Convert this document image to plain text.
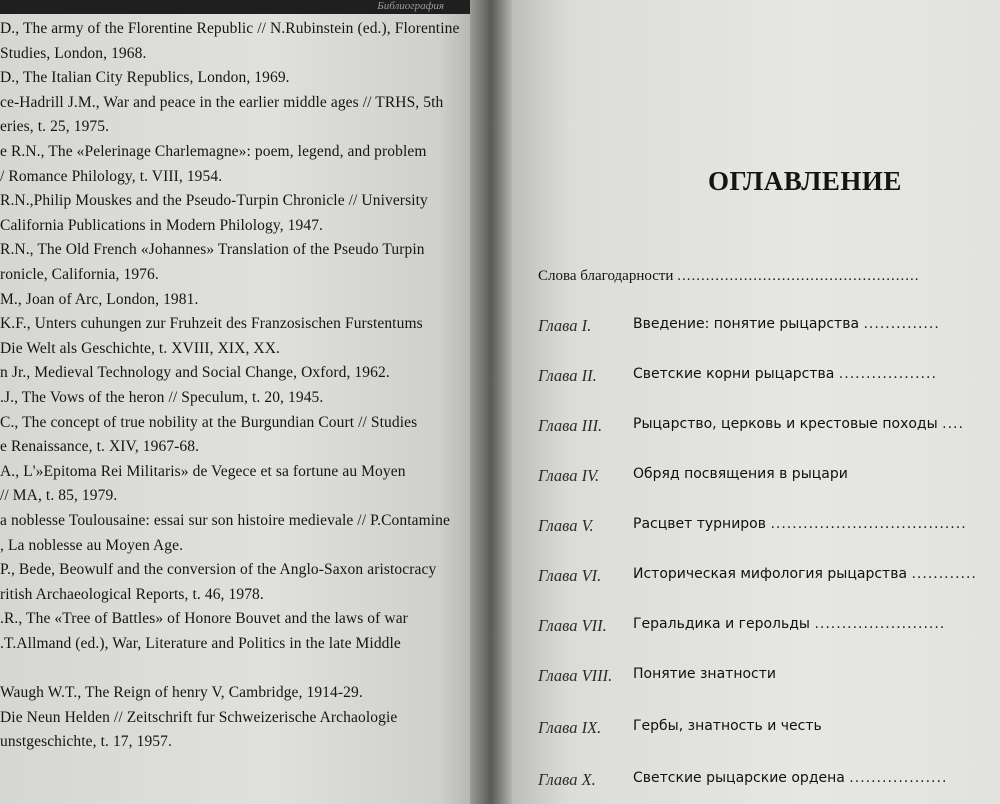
Библиография
D., The army of the Florentine Republic // N.Rubinstein (ed.), Florentine
Studies, London, 1968.
D., The Italian City Republics, London, 1969.
ce-Hadrill J.M., War and peace in the earlier middle ages // TRHS, 5th
eries, t. 25, 1975.
e R.N., The «Pelerinage Charlemagne»: poem, legend, and problem
/ Romance Philology, t. VIII, 1954.
R.N.,Philip Mouskes and the Pseudo-Turpin Chronicle // University
California Publications in Modern Philology, 1947.
R.N., The Old French «Johannes» Translation of the Pseudo Turpin
ronicle, California, 1976.
M., Joan of Arc, London, 1981.
K.F., Unters cuhungen zur Fruhzeit des Franzosischen Furstentums
Die Welt als Geschichte, t. XVIII, XIX, XX.
n Jr., Medieval Technology and Social Change, Oxford, 1962.
.J., The Vows of the heron // Speculum, t. 20, 1945.
C., The concept of true nobility at the Burgundian Court // Studies
e Renaissance, t. XIV, 1967-68.
A., L'»Epitoma Rei Militaris» de Vegece et sa fortune au Moyen
// MA, t. 85, 1979.
a noblesse Toulousaine: essai sur son histoire medievale // P.Contamine
, La noblesse au Moyen Age.
P., Bede, Beowulf and the conversion of the Anglo-Saxon aristocracy
ritish Archaeological Reports, t. 46, 1978.
.R., The «Tree of Battles» of Honore Bouvet and the laws of war
.T.Allmand (ed.), War, Literature and Politics in the late Middle
Waugh W.T., The Reign of henry V, Cambridge, 1914-29.
Die Neun Helden // Zeitschrift fur Schweizerische Archaologie
unstgeschichte, t. 17, 1957.
ОГЛАВЛЕНИЕ
Слова благодарности ...................................................
Глава I.	Введение: понятие рыцарства ..............
Глава II.	Светские корни рыцарства ..................
Глава III. Рыцарство, церковь и крестовые походы ....
Глава IV. Обряд посвящения в рыцари
Глава V.	Расцвет турниров ....................................
Глава VI. Историческая мифология рыцарства ............
Глава VII. Геральдика и герольды ........................
Глава VIII. Понятие знатности
Глава IX. Гербы, знатность и честь
Глава X.	Светские рыцарские ордена ..................
